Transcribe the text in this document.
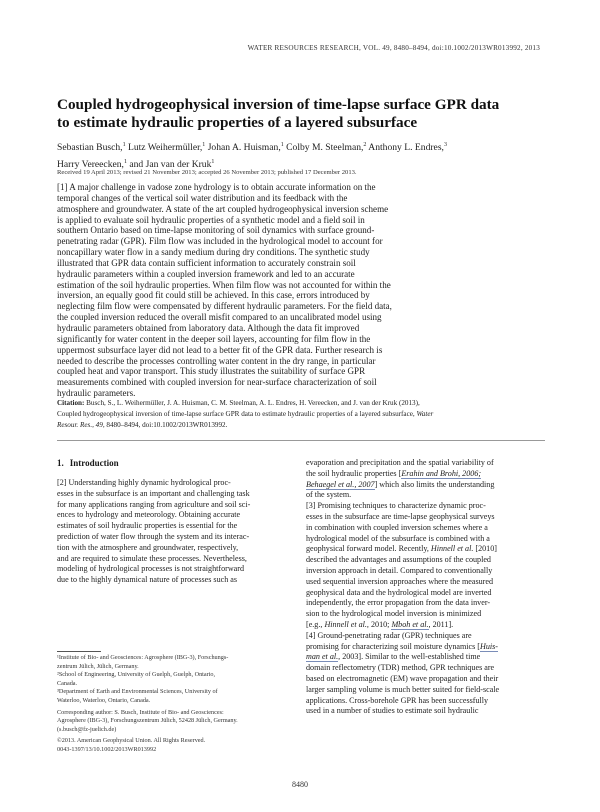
WATER RESOURCES RESEARCH, VOL. 49, 8480–8494, doi:10.1002/2013WR013992, 2013
Coupled hydrogeophysical inversion of time-lapse surface GPR data
to estimate hydraulic properties of a layered subsurface
Sebastian Busch,$^1$ Lutz Weihermüller,$^1$ Johan A. Huisman,$^1$ Colby M. Steelman,$^2$ Anthony L. Endres,$^3$
Harry Vereecken,$^1$ and Jan van der Kruk$^1$
Received 19 April 2013; revised 21 November 2013; accepted 26 November 2013; published 17 December 2013.
[1] A major challenge in vadose zone hydrology is to obtain accurate information on the
temporal changes of the vertical soil water distribution and its feedback with the
atmosphere and groundwater. A state of the art coupled hydrogeophysical inversion scheme
is applied to evaluate soil hydraulic properties of a synthetic model and a field soil in
southern Ontario based on time-lapse monitoring of soil dynamics with surface ground-
penetrating radar (GPR). Film flow was included in the hydrological model to account for
noncapillary water flow in a sandy medium during dry conditions. The synthetic study
illustrated that GPR data contain sufficient information to accurately constrain soil
hydraulic parameters within a coupled inversion framework and led to an accurate
estimation of the soil hydraulic properties. When film flow was not accounted for within the
inversion, an equally good fit could still be achieved. In this case, errors introduced by
neglecting film flow were compensated by different hydraulic parameters. For the field data,
the coupled inversion reduced the overall misfit compared to an uncalibrated model using
hydraulic parameters obtained from laboratory data. Although the data fit improved
significantly for water content in the deeper soil layers, accounting for film flow in the
uppermost subsurface layer did not lead to a better fit of the GPR data. Further research is
needed to describe the processes controlling water content in the dry range, in particular
coupled heat and vapor transport. This study illustrates the suitability of surface GPR
measurements combined with coupled inversion for near-surface characterization of soil
hydraulic parameters.
Citation: Busch, S., L. Weihermüller, J. A. Huisman, C. M. Steelman, A. L. Endres, H. Vereecken, and J. van der Kruk (2013),
Coupled hydrogeophysical inversion of time-lapse surface GPR data to estimate hydraulic properties of a layered subsurface, Water
Resour. Res., 49, 8480–8494, doi:10.1002/2013WR013992.
1. Introduction
[2] Understanding highly dynamic hydrological proc-
esses in the subsurface is an important and challenging task
for many applications ranging from agriculture and soil sci-
ences to hydrology and meteorology. Obtaining accurate
estimates of soil hydraulic properties is essential for the
prediction of water flow through the system and its interac-
tion with the atmosphere and groundwater, respectively,
and are required to simulate these processes. Nevertheless,
modeling of hydrological processes is not straightforward
due to the highly dynamical nature of processes such as
¹Institute of Bio- and Geosciences: Agrosphere (IBG-3), Forschungs-
zentrum Jülich, Jülich, Germany.
²School of Engineering, University of Guelph, Guelph, Ontario,
Canada.
³Department of Earth and Environmental Sciences, University of
Waterloo, Waterloo, Ontario, Canada.
Corresponding author: S. Busch, Institute of Bio- and Geosciences:
Agrosphere (IBG-3), Forschungszentrum Jülich, 52428 Jülich, Germany.
(s.busch@fz-juelich.de)
©2013. American Geophysical Union. All Rights Reserved.
0043-1397/13/10.1002/2013WR013992
evaporation and precipitation and the spatial variability of
the soil hydraulic properties [Erahin and Brohi, 2006;
Behaegel et al., 2007] which also limits the understanding
of the system.
[3] Promising techniques to characterize dynamic proc-
esses in the subsurface are time-lapse geophysical surveys
in combination with coupled inversion schemes where a
hydrological model of the subsurface is combined with a
geophysical forward model. Recently, Hinnell et al. [2010]
described the advantages and assumptions of the coupled
inversion approach in detail. Compared to conventionally
used sequential inversion approaches where the measured
geophysical data and the hydrological model are inverted
independently, the error propagation from the data inver-
sion to the hydrological model inversion is minimized
[e.g., Hinnell et al., 2010; Mboh et al., 2011].
[4] Ground-penetrating radar (GPR) techniques are
promising for characterizing soil moisture dynamics [Huis-
man et al., 2003]. Similar to the well-established time
domain reflectometry (TDR) method, GPR techniques are
based on electromagnetic (EM) wave propagation and their
larger sampling volume is much better suited for field-scale
applications. Cross-borehole GPR has been successfully
used in a number of studies to estimate soil hydraulic
8480
